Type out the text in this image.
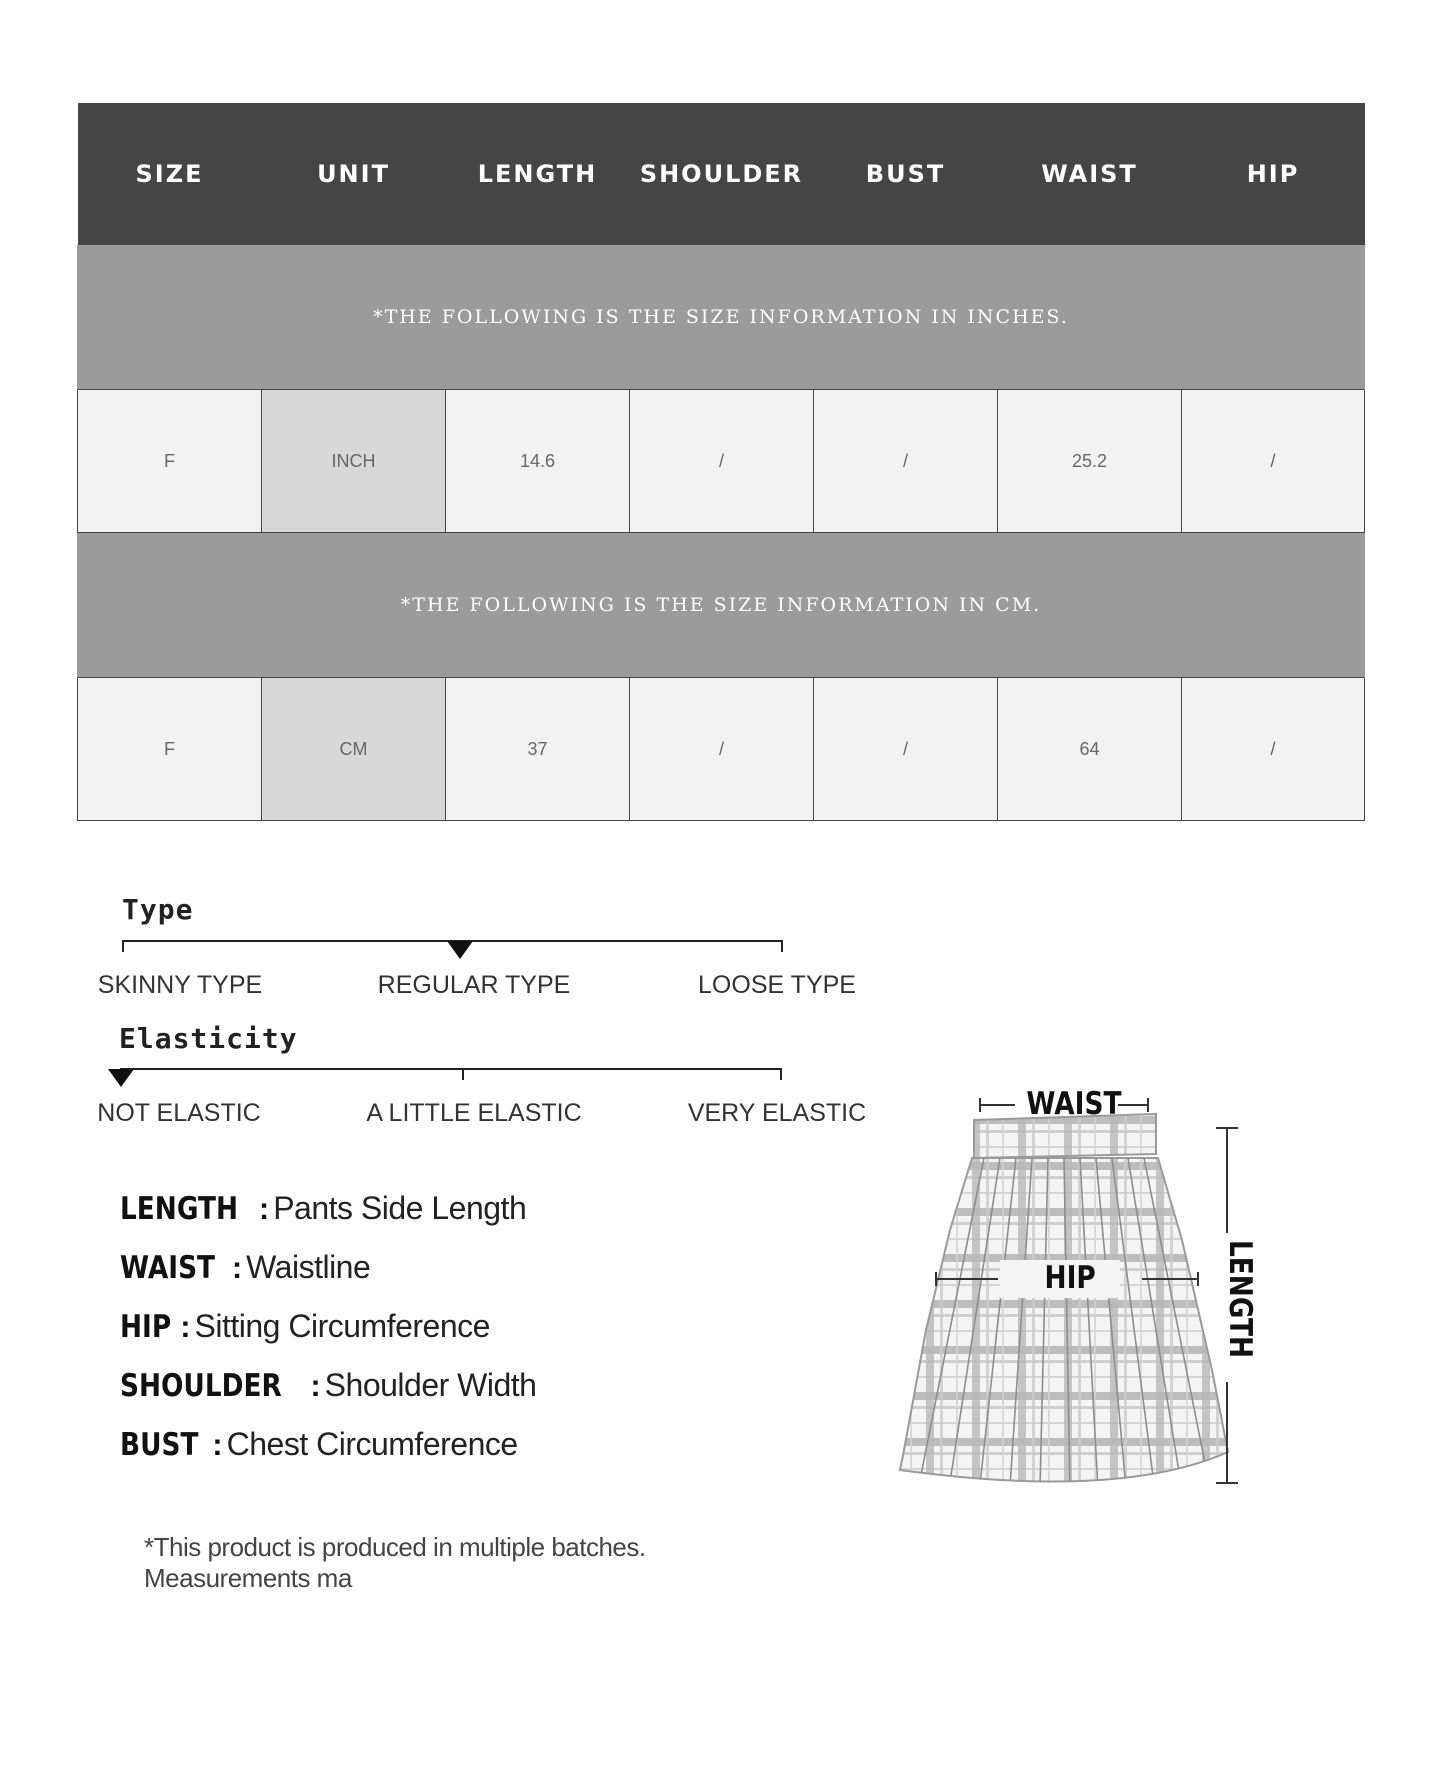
SIZE	UNIT	LENGTH	SHOULDER	BUST	WAIST	HIP
*THE FOLLOWING IS THE SIZE INFORMATION IN INCHES.						
F	INCH	14.6	/	/	25.2	/
*THE FOLLOWING IS THE SIZE INFORMATION IN CM.						
F	CM	37	/	/	64	/
Type
SKINNY TYPE	REGULAR TYPE	LOOSE TYPE
Elasticity
NOT ELASTIC	A LITTLE ELASTIC	VERY ELASTIC
LENGTH : Pants Side Length
WAIST : Waistline
HIP : Sitting Circumference
SHOULDER : Shoulder Width
BUST : Chest Circumference
*This product is produced in multiple batches.
Measurements ma
WAIST
HIP	LENGTH
